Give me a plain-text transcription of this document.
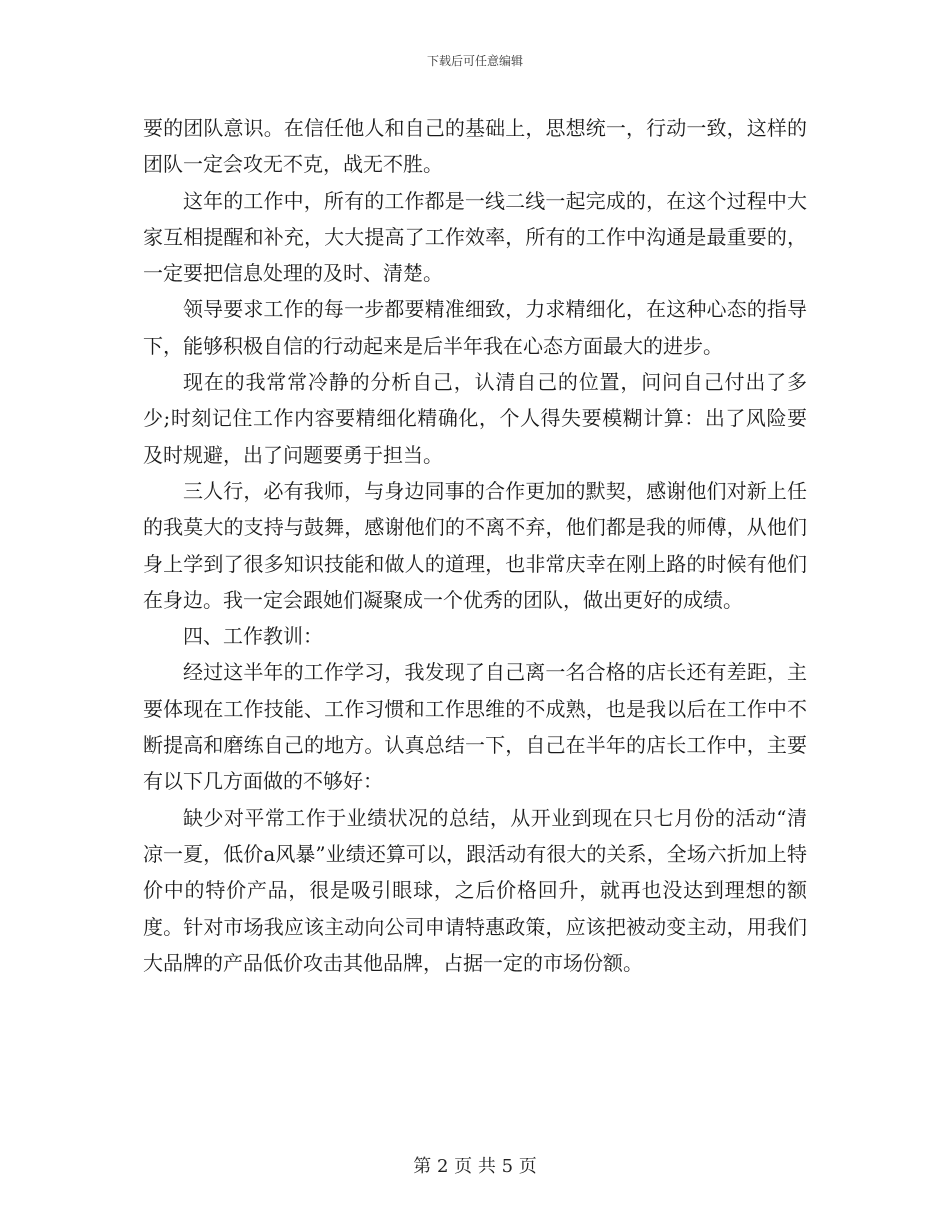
下载后可任意编辑

要的团队意识。在信任他人和自己的基础上，思想统一，行动一致，这样的团队一定会攻无不克，战无不胜。

这年的工作中，所有的工作都是一线二线一起完成的，在这个过程中大家互相提醒和补充，大大提高了工作效率，所有的工作中沟通是最重要的，一定要把信息处理的及时、清楚。

领导要求工作的每一步都要精准细致，力求精细化，在这种心态的指导下，能够积极自信的行动起来是后半年我在心态方面最大的进步。

现在的我常常冷静的分析自己，认清自己的位置，问问自己付出了多少;时刻记住工作内容要精细化精确化，个人得失要模糊计算：出了风险要及时规避，出了问题要勇于担当。

三人行，必有我师，与身边同事的合作更加的默契，感谢他们对新上任的我莫大的支持与鼓舞，感谢他们的不离不弃，他们都是我的师傅，从他们身上学到了很多知识技能和做人的道理，也非常庆幸在刚上路的时候有他们在身边。我一定会跟她们凝聚成一个优秀的团队，做出更好的成绩。

四、工作教训：

经过这半年的工作学习，我发现了自己离一名合格的店长还有差距，主要体现在工作技能、工作习惯和工作思维的不成熟，也是我以后在工作中不断提高和磨练自己的地方。认真总结一下，自己在半年的店长工作中，主要有以下几方面做的不够好：

缺少对平常工作于业绩状况的总结，从开业到现在只七月份的活动“清凉一夏，低价a风暴”业绩还算可以，跟活动有很大的关系，全场六折加上特价中的特价产品，很是吸引眼球，之后价格回升，就再也没达到理想的额度。针对市场我应该主动向公司申请特惠政策，应该把被动变主动，用我们大品牌的产品低价攻击其他品牌，占据一定的市场份额。

第 2 页 共 5 页
